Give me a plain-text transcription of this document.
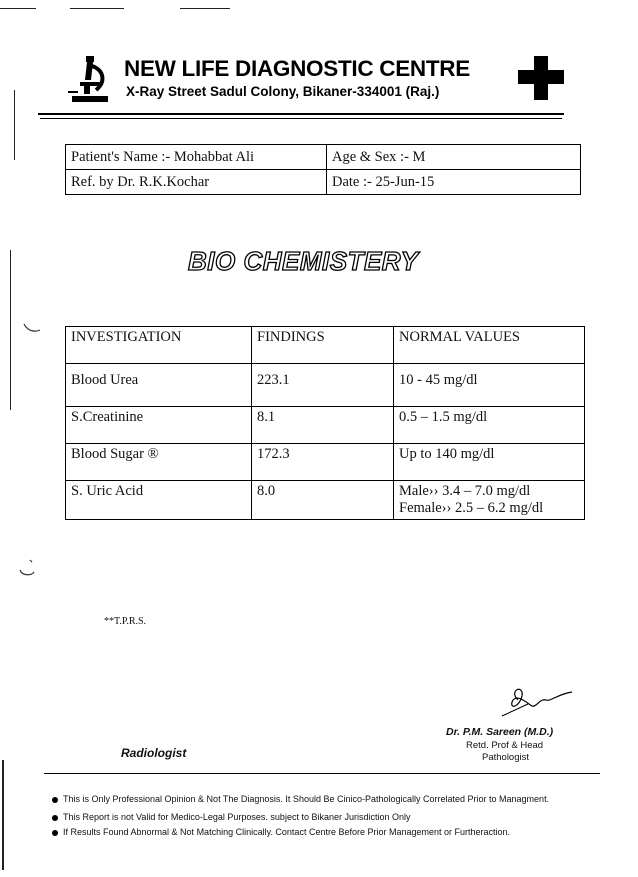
NEW LIFE DIAGNOSTIC CENTRE
X-Ray Street Sadul Colony, Bikaner-334001 (Raj.)
Patient's Name :- Mohabbat Ali	Age & Sex :- M
Ref. by Dr. R.K.Kochar	Date :- 25-Jun-15
BIO CHEMISTERY
INVESTIGATION	FINDINGS	NORMAL VALUES
Blood Urea	223.1	10 - 45 mg/dl
S.Creatinine	8.1	0.5 – 1.5 mg/dl
Blood Sugar ®	172.3	Up to 140 mg/dl
S. Uric Acid	8.0	Male›› 3.4 – 7.0 mg/dl
Female›› 2.5 – 6.2 mg/dl
**T.P.R.S.
Dr. P.M. Sareen (M.D.)
Retd. Prof & Head
Pathologist
Radiologist
This is Only Professional Opinion & Not The Diagnosis. It Should Be Cinico-Pathologically Correlated Prior to Managment.
This Report is not Valid for Medico-Legal Purposes. subject to Bikaner Jurisdiction Only
If Results Found Abnormal & Not Matching Clinically. Contact Centre Before Prior Management or Furtheraction.
